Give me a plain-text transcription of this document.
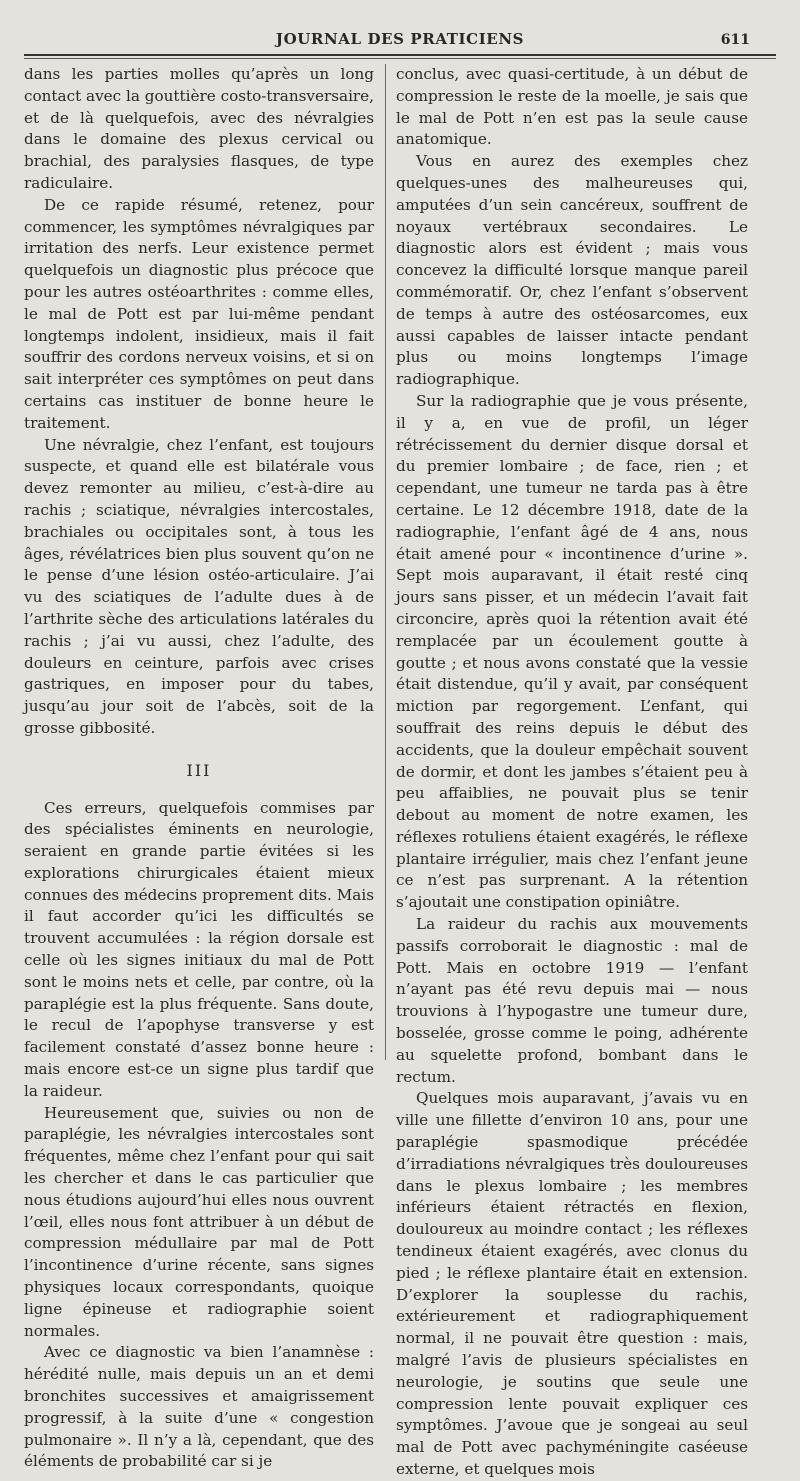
JOURNAL DES PRATICIENS	611

dans les parties molles qu’après un long contact avec la gouttière costo-transversaire, et de là quelquefois, avec des névralgies dans le domaine des plexus cervical ou brachial, des paralysies flasques, de type radiculaire.

De ce rapide résumé, retenez, pour commencer, les symptômes névralgiques par irritation des nerfs. Leur existence permet quelquefois un diagnostic plus précoce que pour les autres ostéoarthrites : comme elles, le mal de Pott est par lui-même pendant longtemps indolent, insidieux, mais il fait souffrir des cordons nerveux voisins, et si on sait interpréter ces symptômes on peut dans certains cas instituer de bonne heure le traitement.

Une névralgie, chez l’enfant, est toujours suspecte, et quand elle est bilatérale vous devez remonter au milieu, c’est-à-dire au rachis ; sciatique, névralgies intercostales, brachiales ou occipitales sont, à tous les âges, révélatrices bien plus souvent qu’on ne le pense d’une lésion ostéo-articulaire. J’ai vu des sciatiques de l’adulte dues à de l’arthrite sèche des articulations latérales du rachis ; j’ai vu aussi, chez l’adulte, des douleurs en ceinture, parfois avec crises gastriques, en imposer pour du tabes, jusqu’au jour soit de l’abcès, soit de la grosse gibbosité.

III

Ces erreurs, quelquefois commises par des spécialistes éminents en neurologie, seraient en grande partie évitées si les explorations chirurgicales étaient mieux connues des médecins proprement dits. Mais il faut accorder qu’ici les difficultés se trouvent accumulées : la région dorsale est celle où les signes initiaux du mal de Pott sont le moins nets et celle, par contre, où la paraplégie est la plus fréquente. Sans doute, le recul de l’apophyse transverse y est facilement constaté d’assez bonne heure : mais encore est-ce un signe plus tardif que la raideur.

Heureusement que, suivies ou non de paraplégie, les névralgies intercostales sont fréquentes, même chez l’enfant pour qui sait les chercher et dans le cas particulier que nous étudions aujourd’hui elles nous ouvrent l’œil, elles nous font attribuer à un début de compression médullaire par mal de Pott l’incontinence d’urine récente, sans signes physiques locaux correspondants, quoique ligne épineuse et radiographie soient normales.

Avec ce diagnostic va bien l’anamnèse : hérédité nulle, mais depuis un an et demi bronchites successives et amaigrissement progressif, à la suite d’une « congestion pulmonaire ». Il n’y a là, cependant, que des éléments de probabilité car si je

conclus, avec quasi-certitude, à un début de compression le reste de la moelle, je sais que le mal de Pott n’en est pas la seule cause anatomique.

Vous en aurez des exemples chez quelques-unes des malheureuses qui, amputées d’un sein cancéreux, souffrent de noyaux vertébraux secondaires. Le diagnostic alors est évident ; mais vous concevez la difficulté lorsque manque pareil commémoratif. Or, chez l’enfant s’observent de temps à autre des ostéosarcomes, eux aussi capables de laisser intacte pendant plus ou moins longtemps l’image radiographique.

Sur la radiographie que je vous présente, il y a, en vue de profil, un léger rétrécissement du dernier disque dorsal et du premier lombaire ; de face, rien ; et cependant, une tumeur ne tarda pas à être certaine. Le 12 décembre 1918, date de la radiographie, l’enfant âgé de 4 ans, nous était amené pour « incontinence d’urine ». Sept mois auparavant, il était resté cinq jours sans pisser, et un médecin l’avait fait circoncire, après quoi la rétention avait été remplacée par un écoulement goutte à goutte ; et nous avons constaté que la vessie était distendue, qu’il y avait, par conséquent miction par regorgement. L’enfant, qui souffrait des reins depuis le début des accidents, que la douleur empêchait souvent de dormir, et dont les jambes s’étaient peu à peu affaiblies, ne pouvait plus se tenir debout au moment de notre examen, les réflexes rotuliens étaient exagérés, le réflexe plantaire irrégulier, mais chez l’enfant jeune ce n’est pas surprenant. A la rétention s’ajoutait une constipation opiniâtre.

La raideur du rachis aux mouvements passifs corroborait le diagnostic : mal de Pott. Mais en octobre 1919 — l’enfant n’ayant pas été revu depuis mai — nous trouvions à l’hypogastre une tumeur dure, bosselée, grosse comme le poing, adhérente au squelette profond, bombant dans le rectum.

Quelques mois auparavant, j’avais vu en ville une fillette d’environ 10 ans, pour une paraplégie spasmodique précédée d’irradiations névralgiques très douloureuses dans le plexus lombaire ; les membres inférieurs étaient rétractés en flexion, douloureux au moindre contact ; les réflexes tendineux étaient exagérés, avec clonus du pied ; le réflexe plantaire était en extension. D’explorer la souplesse du rachis, extérieurement et radiographiquement normal, il ne pouvait être question : mais, malgré l’avis de plusieurs spécialistes en neurologie, je soutins que seule une compression lente pouvait expliquer ces symptômes. J’avoue que je songeai au seul mal de Pott avec pachyméningite caséeuse externe, et quelques mois
